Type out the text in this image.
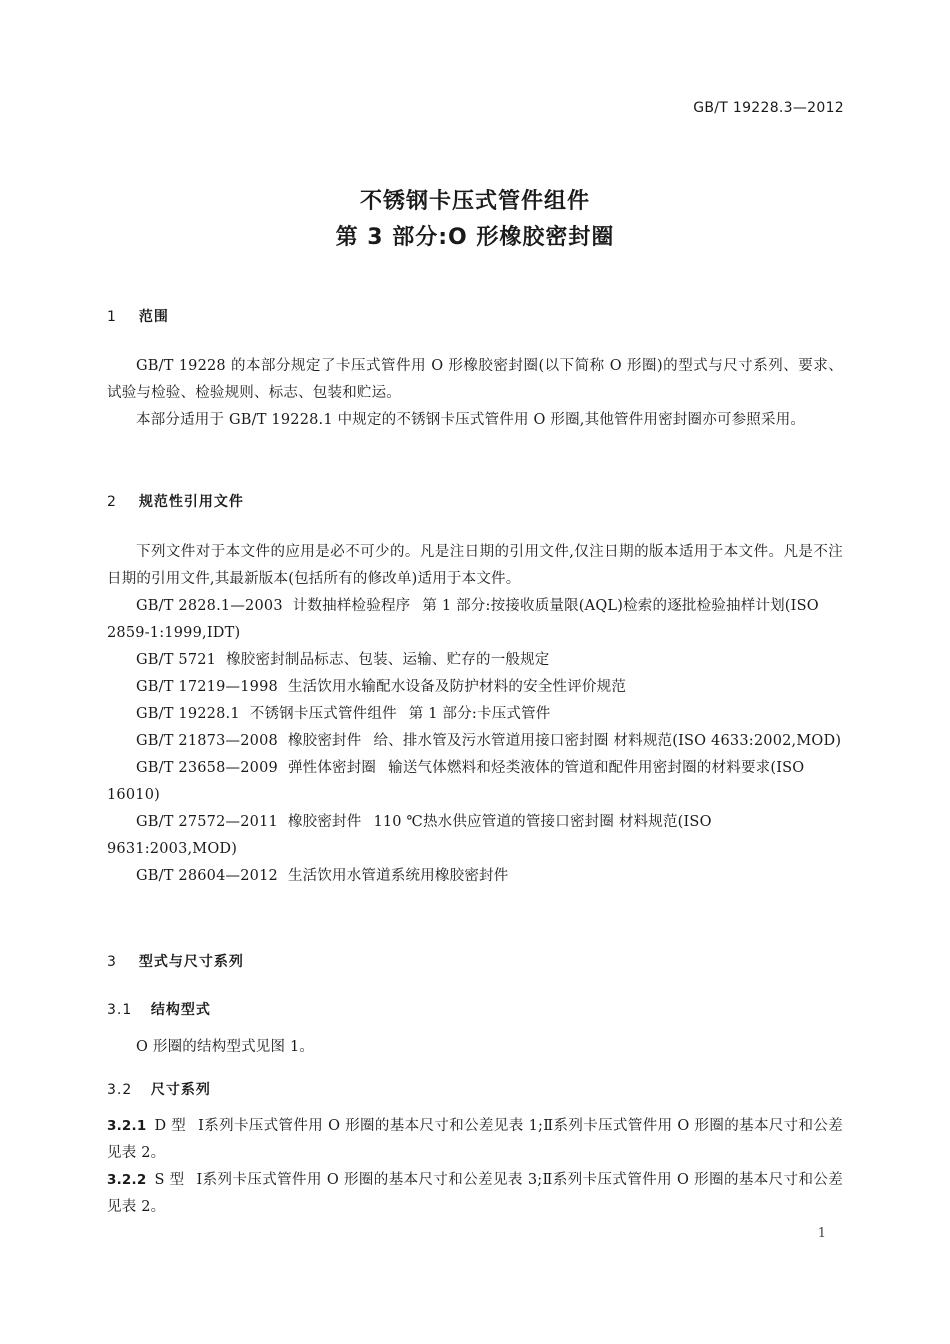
GB/T 19228.3—2012
不锈钢卡压式管件组件
第 3 部分:O 形橡胶密封圈
1 范围

GB/T 19228 的本部分规定了卡压式管件用 O 形橡胶密封圈(以下简称 O 形圈)的型式与尺寸系列、要求、试验与检验、检验规则、标志、包装和贮运。

本部分适用于 GB/T 19228.1 中规定的不锈钢卡压式管件用 O 形圈,其他管件用密封圈亦可参照采用。

2 规范性引用文件

下列文件对于本文件的应用是必不可少的。凡是注日期的引用文件,仅注日期的版本适用于本文件。凡是不注日期的引用文件,其最新版本(包括所有的修改单)适用于本文件。

GB/T 2828.1—2003 计数抽样检验程序 第 1 部分:按接收质量限(AQL)检索的逐批检验抽样计划(ISO 2859-1:1999,IDT)

GB/T 5721 橡胶密封制品标志、包装、运输、贮存的一般规定

GB/T 17219—1998 生活饮用水输配水设备及防护材料的安全性评价规范

GB/T 19228.1 不锈钢卡压式管件组件 第 1 部分:卡压式管件

GB/T 21873—2008 橡胶密封件 给、排水管及污水管道用接口密封圈 材料规范(ISO 4633:2002,MOD)

GB/T 23658—2009 弹性体密封圈 输送气体燃料和烃类液体的管道和配件用密封圈的材料要求(ISO 16010)

GB/T 27572—2011 橡胶密封件 110 ℃热水供应管道的管接口密封圈 材料规范(ISO 9631:2003,MOD)

GB/T 28604—2012 生活饮用水管道系统用橡胶密封件

3 型式与尺寸系列
3.1 结构型式

O 形圈的结构型式见图 1。

3.2 尺寸系列

3.2.1 D 型 Ⅰ系列卡压式管件用 O 形圈的基本尺寸和公差见表 1;Ⅱ系列卡压式管件用 O 形圈的基本尺寸和公差见表 2。

3.2.2 S 型 Ⅰ系列卡压式管件用 O 形圈的基本尺寸和公差见表 3;Ⅱ系列卡压式管件用 O 形圈的基本尺寸和公差见表 2。

1
